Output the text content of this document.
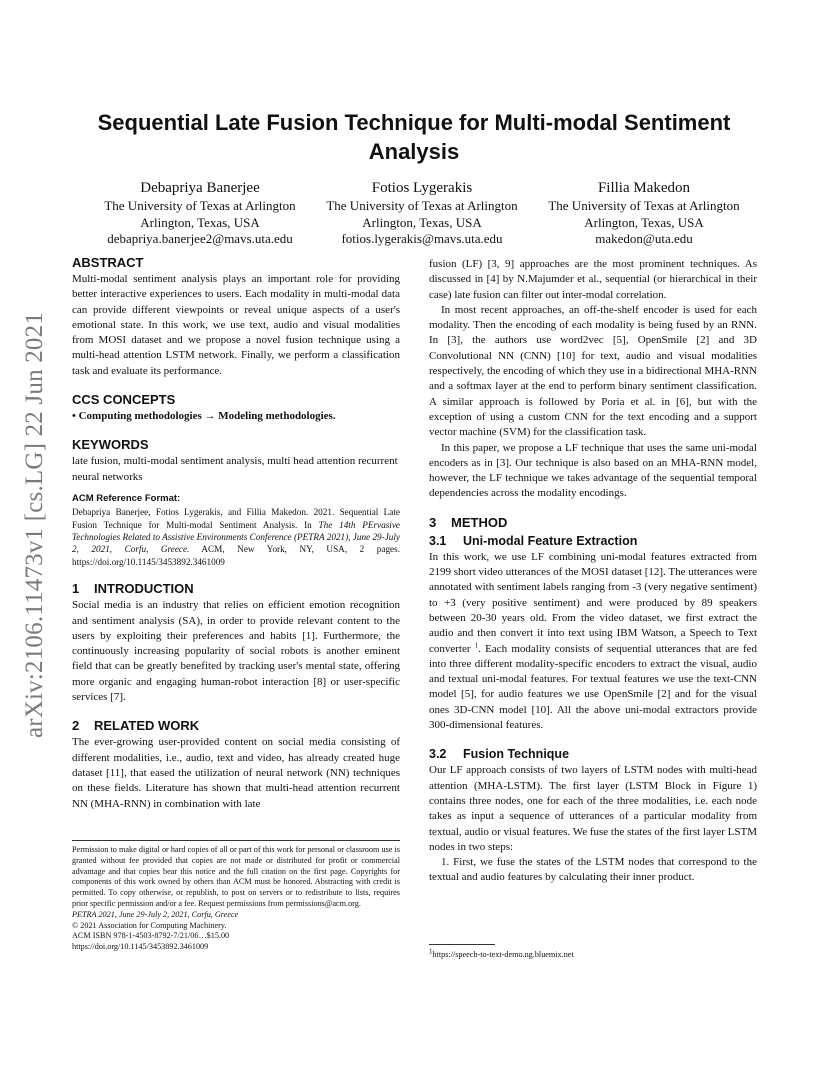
arXiv:2106.11473v1 [cs.LG] 22 Jun 2021
Sequential Late Fusion Technique for Multi-modal Sentiment Analysis
Debapriya Banerjee
The University of Texas at Arlington
Arlington, Texas, USA
debapriya.banerjee2@mavs.uta.edu
Fotios Lygerakis
The University of Texas at Arlington
Arlington, Texas, USA
fotios.lygerakis@mavs.uta.edu
Fillia Makedon
The University of Texas at Arlington
Arlington, Texas, USA
makedon@uta.edu
ABSTRACT

Multi-modal sentiment analysis plays an important role for providing better interactive experiences to users. Each modality in multi-modal data can provide different viewpoints or reveal unique aspects of a user's emotional state. In this work, we use text, audio and visual modalities from MOSI dataset and we propose a novel fusion technique using a multi-head attention LSTM network. Finally, we perform a classification task and evaluate its performance.

CCS CONCEPTS

• Computing methodologies → Modeling methodologies.

KEYWORDS

late fusion, multi-modal sentiment analysis, multi head attention recurrent neural networks

ACM Reference Format:

Debapriya Banerjee, Fotios Lygerakis, and Fillia Makedon. 2021. Sequential Late Fusion Technique for Multi-modal Sentiment Analysis. In The 14th PErvasive Technologies Related to Assistive Environments Conference (PETRA 2021), June 29-July 2, 2021, Corfu, Greece. ACM, New York, NY, USA, 2 pages. https://doi.org/10.1145/3453892.3461009

1 INTRODUCTION

Social media is an industry that relies on efficient emotion recognition and sentiment analysis (SA), in order to provide relevant content to the users by exploiting their preferences and habits [1]. Furthermore, the continuously increasing popularity of social robots is another eminent field that can be greatly benefited by tracking user's mental state, offering more organic and engaging human-robot interaction [8] or user-specific services [7].

2 RELATED WORK

The ever-growing user-provided content on social media consisting of different modalities, i.e., audio, text and video, has already created huge dataset [11], that eased the utilization of neural network (NN) techniques on these fields. Literature has shown that multi-head attention recurrent NN (MHA-RNN) in combination with late

Permission to make digital or hard copies of all or part of this work for personal or classroom use is granted without fee provided that copies are not made or distributed for profit or commercial advantage and that copies bear this notice and the full citation on the first page. Copyrights for components of this work owned by others than ACM must be honored. Abstracting with credit is permitted. To copy otherwise, or republish, to post on servers or to redistribute to lists, requires prior specific permission and/or a fee. Request permissions from permissions@acm.org.

PETRA 2021, June 29-July 2, 2021, Corfu, Greece

© 2021 Association for Computing Machinery.

ACM ISBN 978-1-4503-8792-7/21/06…$15.00

https://doi.org/10.1145/3453892.3461009

fusion (LF) [3, 9] approaches are the most prominent techniques. As discussed in [4] by N.Majumder et al., sequential (or hierarchical in their case) late fusion can filter out inter-modal correlation.

In most recent approaches, an off-the-shelf encoder is used for each modality. Then the encoding of each modality is being fused by an RNN. In [3], the authors use word2vec [5], OpenSmile [2] and 3D Convolutional NN (CNN) [10] for text, audio and visual modalities respectively, the encoding of which they use in a bidirectional MHA-RNN and a softmax layer at the end to perform binary sentiment classification. A similar approach is followed by Poria et al. in [6], but with the exception of using a custom CNN for the text encoding and a support vector machine (SVM) for the classification task.

In this paper, we propose a LF technique that uses the same uni-modal encoders as in [3]. Our technique is also based on an MHA-RNN model, however, the LF technique we takes advantage of the sequential temporal dependencies across the modality encodings.

3 METHOD
3.1 Uni-modal Feature Extraction

In this work, we use LF combining uni-modal features extracted from 2199 short video utterances of the MOSI dataset [12]. The utterances were annotated with sentiment labels ranging from -3 (very negative sentiment) to +3 (very positive sentiment) and were produced by 89 speakers between 20-30 years old. From the video dataset, we first extract the audio and then convert it into text using IBM Watson, a Speech to Text converter $^1$. Each modality consists of sequential utterances that are fed into three different modality-specific encoders to extract the visual, audio and textual uni-modal features. For textual features we use the text-CNN model [5], for audio features we use OpenSmile [2] and for the visual ones 3D-CNN model [10]. All the above uni-modal extractors provide 300-dimensional features.

3.2 Fusion Technique

Our LF approach consists of two layers of LSTM nodes with multi-head attention (MHA-LSTM). The first layer (LSTM Block in Figure 1) contains three nodes, one for each of the three modalities, i.e. each node takes as input a sequence of utterances of a particular modality from textual, audio or visual features. We fuse the states of the first layer LSTM nodes in two steps:

1. First, we fuse the states of the LSTM nodes that correspond to the textual and audio features by calculating their inner product.

$^1$https://speech-to-text-demo.ng.bluemix.net
